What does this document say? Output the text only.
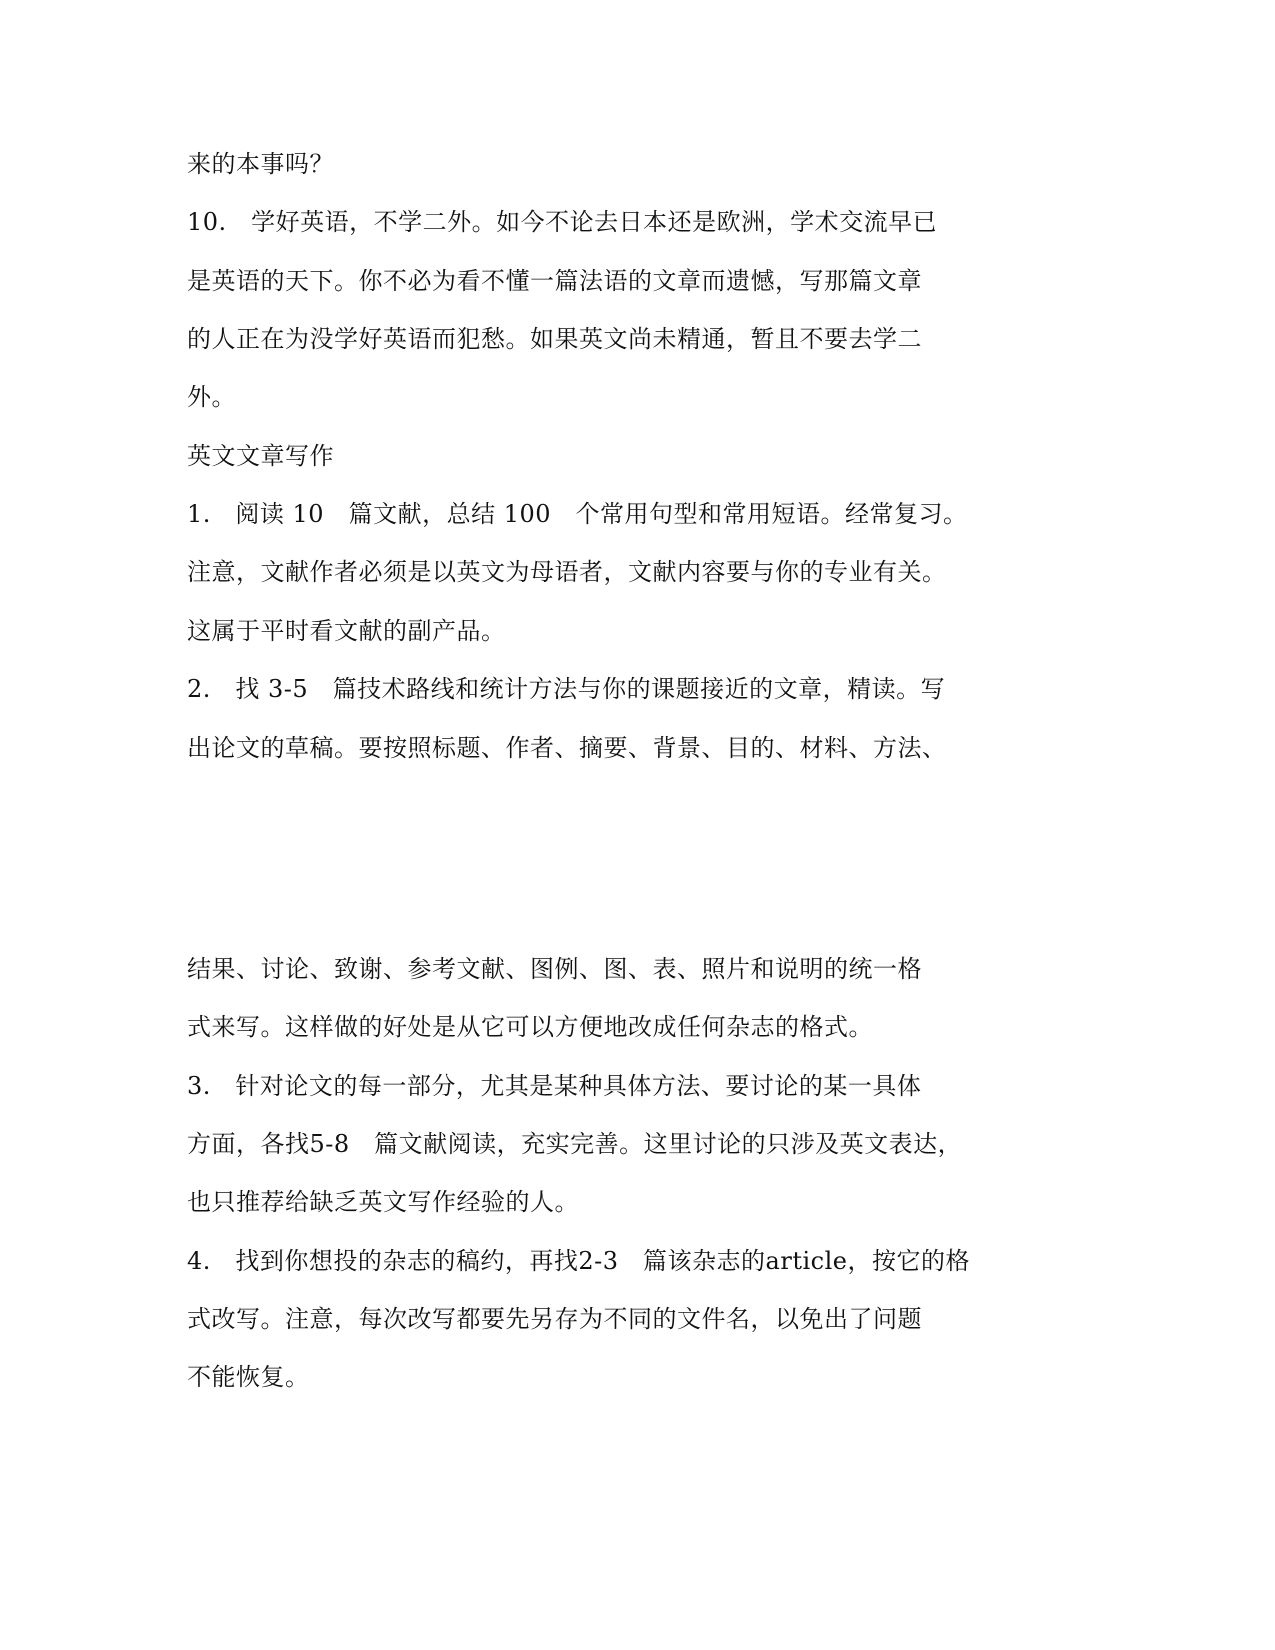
来的本事吗？
10.　学好英语，不学二外。如今不论去日本还是欧洲，学术交流早已
是英语的天下。你不必为看不懂一篇法语的文章而遗憾，写那篇文章
的人正在为没学好英语而犯愁。如果英文尚未精通，暂且不要去学二
外。
英文文章写作
1.　阅读 10　篇文献，总结 100　个常用句型和常用短语。经常复习。
注意，文献作者必须是以英文为母语者，文献内容要与你的专业有关。
这属于平时看文献的副产品。
2.　找 3-5　篇技术路线和统计方法与你的课题接近的文章，精读。写
出论文的草稿。要按照标题、作者、摘要、背景、目的、材料、方法、
结果、讨论、致谢、参考文献、图例、图、表、照片和说明的统一格
式来写。这样做的好处是从它可以方便地改成任何杂志的格式。
3.　针对论文的每一部分，尤其是某种具体方法、要讨论的某一具体
方面，各找5-8　篇文献阅读，充实完善。这里讨论的只涉及英文表达，
也只推荐给缺乏英文写作经验的人。
4.　找到你想投的杂志的稿约，再找2-3　篇该杂志的article，按它的格
式改写。注意，每次改写都要先另存为不同的文件名，以免出了问题
不能恢复。
